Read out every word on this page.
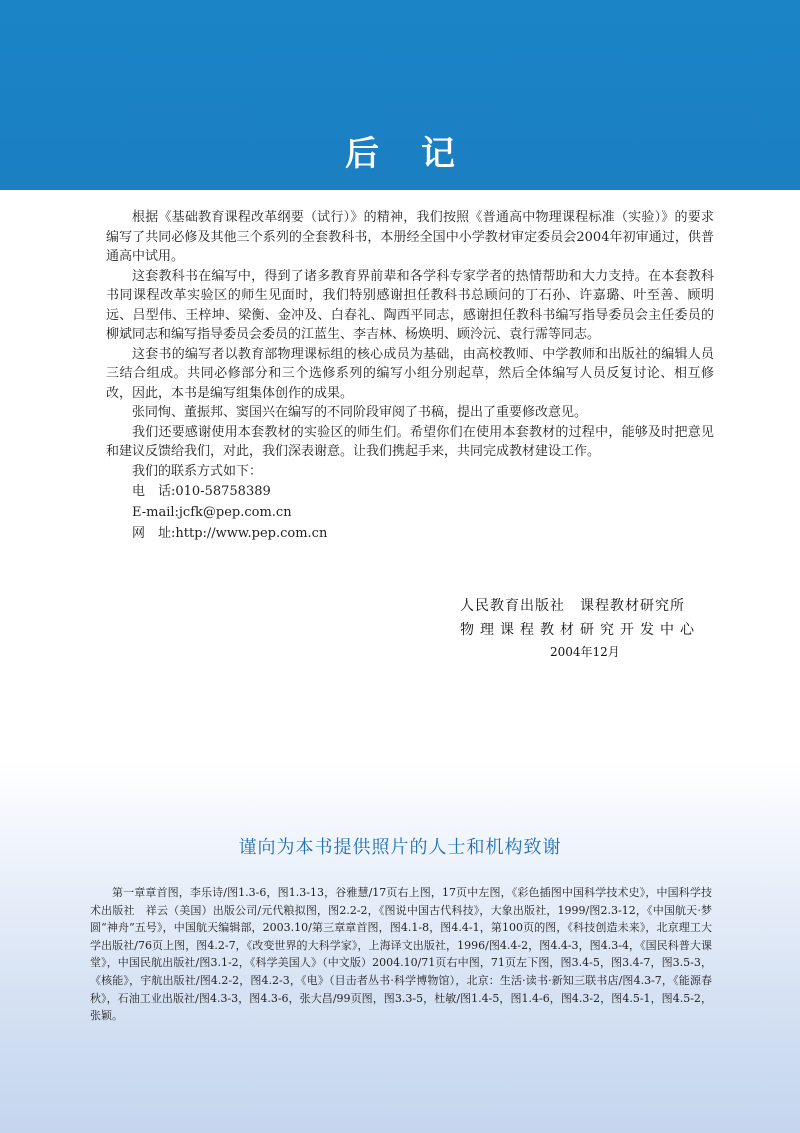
后记

根据《基础教育课程改革纲要（试行）》的精神，我们按照《普通高中物理课程标准（实验）》的要求编写了共同必修及其他三个系列的全套教科书，本册经全国中小学教材审定委员会2004年初审通过，供普通高中试用。

这套教科书在编写中，得到了诸多教育界前辈和各学科专家学者的热情帮助和大力支持。在本套教科书同课程改革实验区的师生见面时，我们特别感谢担任教科书总顾问的丁石孙、许嘉璐、叶至善、顾明远、吕型伟、王梓坤、梁衡、金冲及、白春礼、陶西平同志，感谢担任教科书编写指导委员会主任委员的柳斌同志和编写指导委员会委员的江蓝生、李吉林、杨焕明、顾泠沅、袁行霈等同志。

这套书的编写者以教育部物理课标组的核心成员为基础，由高校教师、中学教师和出版社的编辑人员三结合组成。共同必修部分和三个选修系列的编写小组分别起草，然后全体编写人员反复讨论、相互修改，因此，本书是编写组集体创作的成果。

张同恂、董振邦、窦国兴在编写的不同阶段审阅了书稿，提出了重要修改意见。

我们还要感谢使用本套教材的实验区的师生们。希望你们在使用本套教材的过程中，能够及时把意见和建议反馈给我们，对此，我们深表谢意。让我们携起手来，共同完成教材建设工作。

我们的联系方式如下：

电　话:010-58758389
E-mail:jcfk@pep.com.cn
网　址:http://www.pep.com.cn
人民教育出版社　课程教材研究所
物理课程教材研究开发中心
2004年12月
谨向为本书提供照片的人士和机构致谢
第一章章首图，李乐诗/图1.3-6，图1.3-13，谷雅慧/17页右上图，17页中左图，《彩色插图中国科学技术史》，中国科学技术出版社　祥云（美国）出版公司/元代粮拟图，图2.2-2，《图说中国古代科技》，大象出版社，1999/图2.3-12，《中国航天·梦圆“神舟”五号》，中国航天编辑部，2003.10/第三章章首图，图4.1-8，图4.4-1，第100页的图，《科技创造未来》，北京理工大学出版社/76页上图，图4.2-7，《改变世界的大科学家》，上海译文出版社，1996/图4.4-2，图4.4-3，图4.3-4，《国民科普大课堂》，中国民航出版社/图3.1-2，《科学美国人》（中文版）2004.10/71页右中图，71页左下图，图3.4-5，图3.4-7，图3.5-3，《核能》，宇航出版社/图4.2-2，图4.2-3，《电》（目击者丛书·科学博物馆），北京：生活·读书·新知三联书店/图4.3-7，《能源春秋》，石油工业出版社/图4.3-3，图4.3-6，张大昌/99页图，图3.3-5，杜敏/图1.4-5，图1.4-6，图4.3-2，图4.5-1，图4.5-2，张颖。
